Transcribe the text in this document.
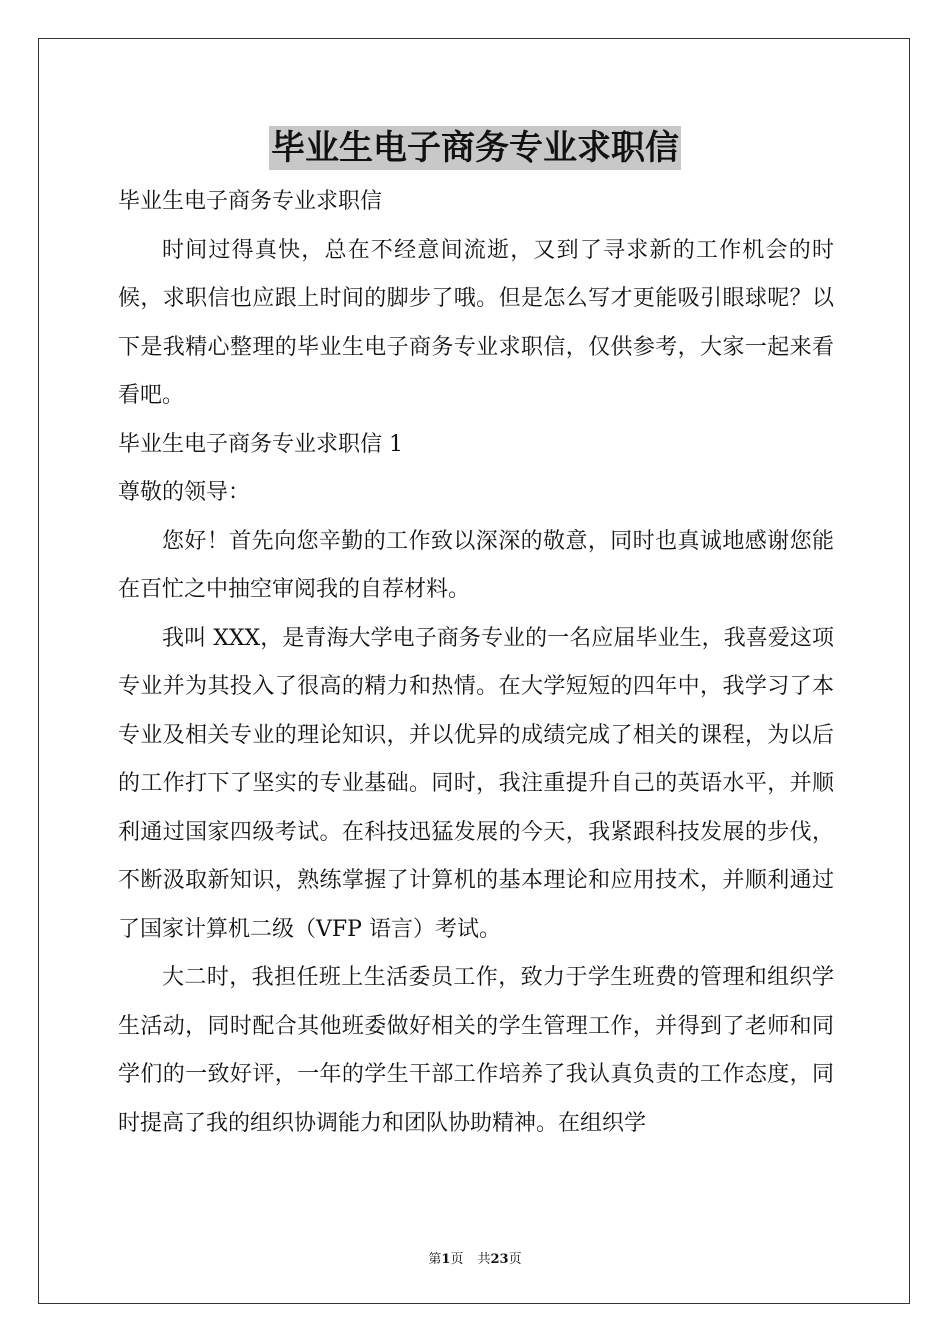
毕业生电子商务专业求职信

毕业生电子商务专业求职信

时间过得真快，总在不经意间流逝，又到了寻求新的工作机会的时候，求职信也应跟上时间的脚步了哦。但是怎么写才更能吸引眼球呢？以下是我精心整理的毕业生电子商务专业求职信，仅供参考，大家一起来看看吧。

毕业生电子商务专业求职信 1

尊敬的领导：

您好！首先向您辛勤的工作致以深深的敬意，同时也真诚地感谢您能在百忙之中抽空审阅我的自荐材料。

我叫 XXX，是青海大学电子商务专业的一名应届毕业生，我喜爱这项专业并为其投入了很高的精力和热情。在大学短短的四年中，我学习了本专业及相关专业的理论知识，并以优异的成绩完成了相关的课程，为以后的工作打下了坚实的专业基础。同时，我注重提升自己的英语水平，并顺利通过国家四级考试。在科技迅猛发展的今天，我紧跟科技发展的步伐，不断汲取新知识，熟练掌握了计算机的基本理论和应用技术，并顺利通过了国家计算机二级（VFP 语言）考试。

大二时，我担任班上生活委员工作，致力于学生班费的管理和组织学生活动，同时配合其他班委做好相关的学生管理工作，并得到了老师和同学们的一致好评，一年的学生干部工作培养了我认真负责的工作态度，同时提高了我的组织协调能力和团队协助精神。在组织学

第1页 共23页
